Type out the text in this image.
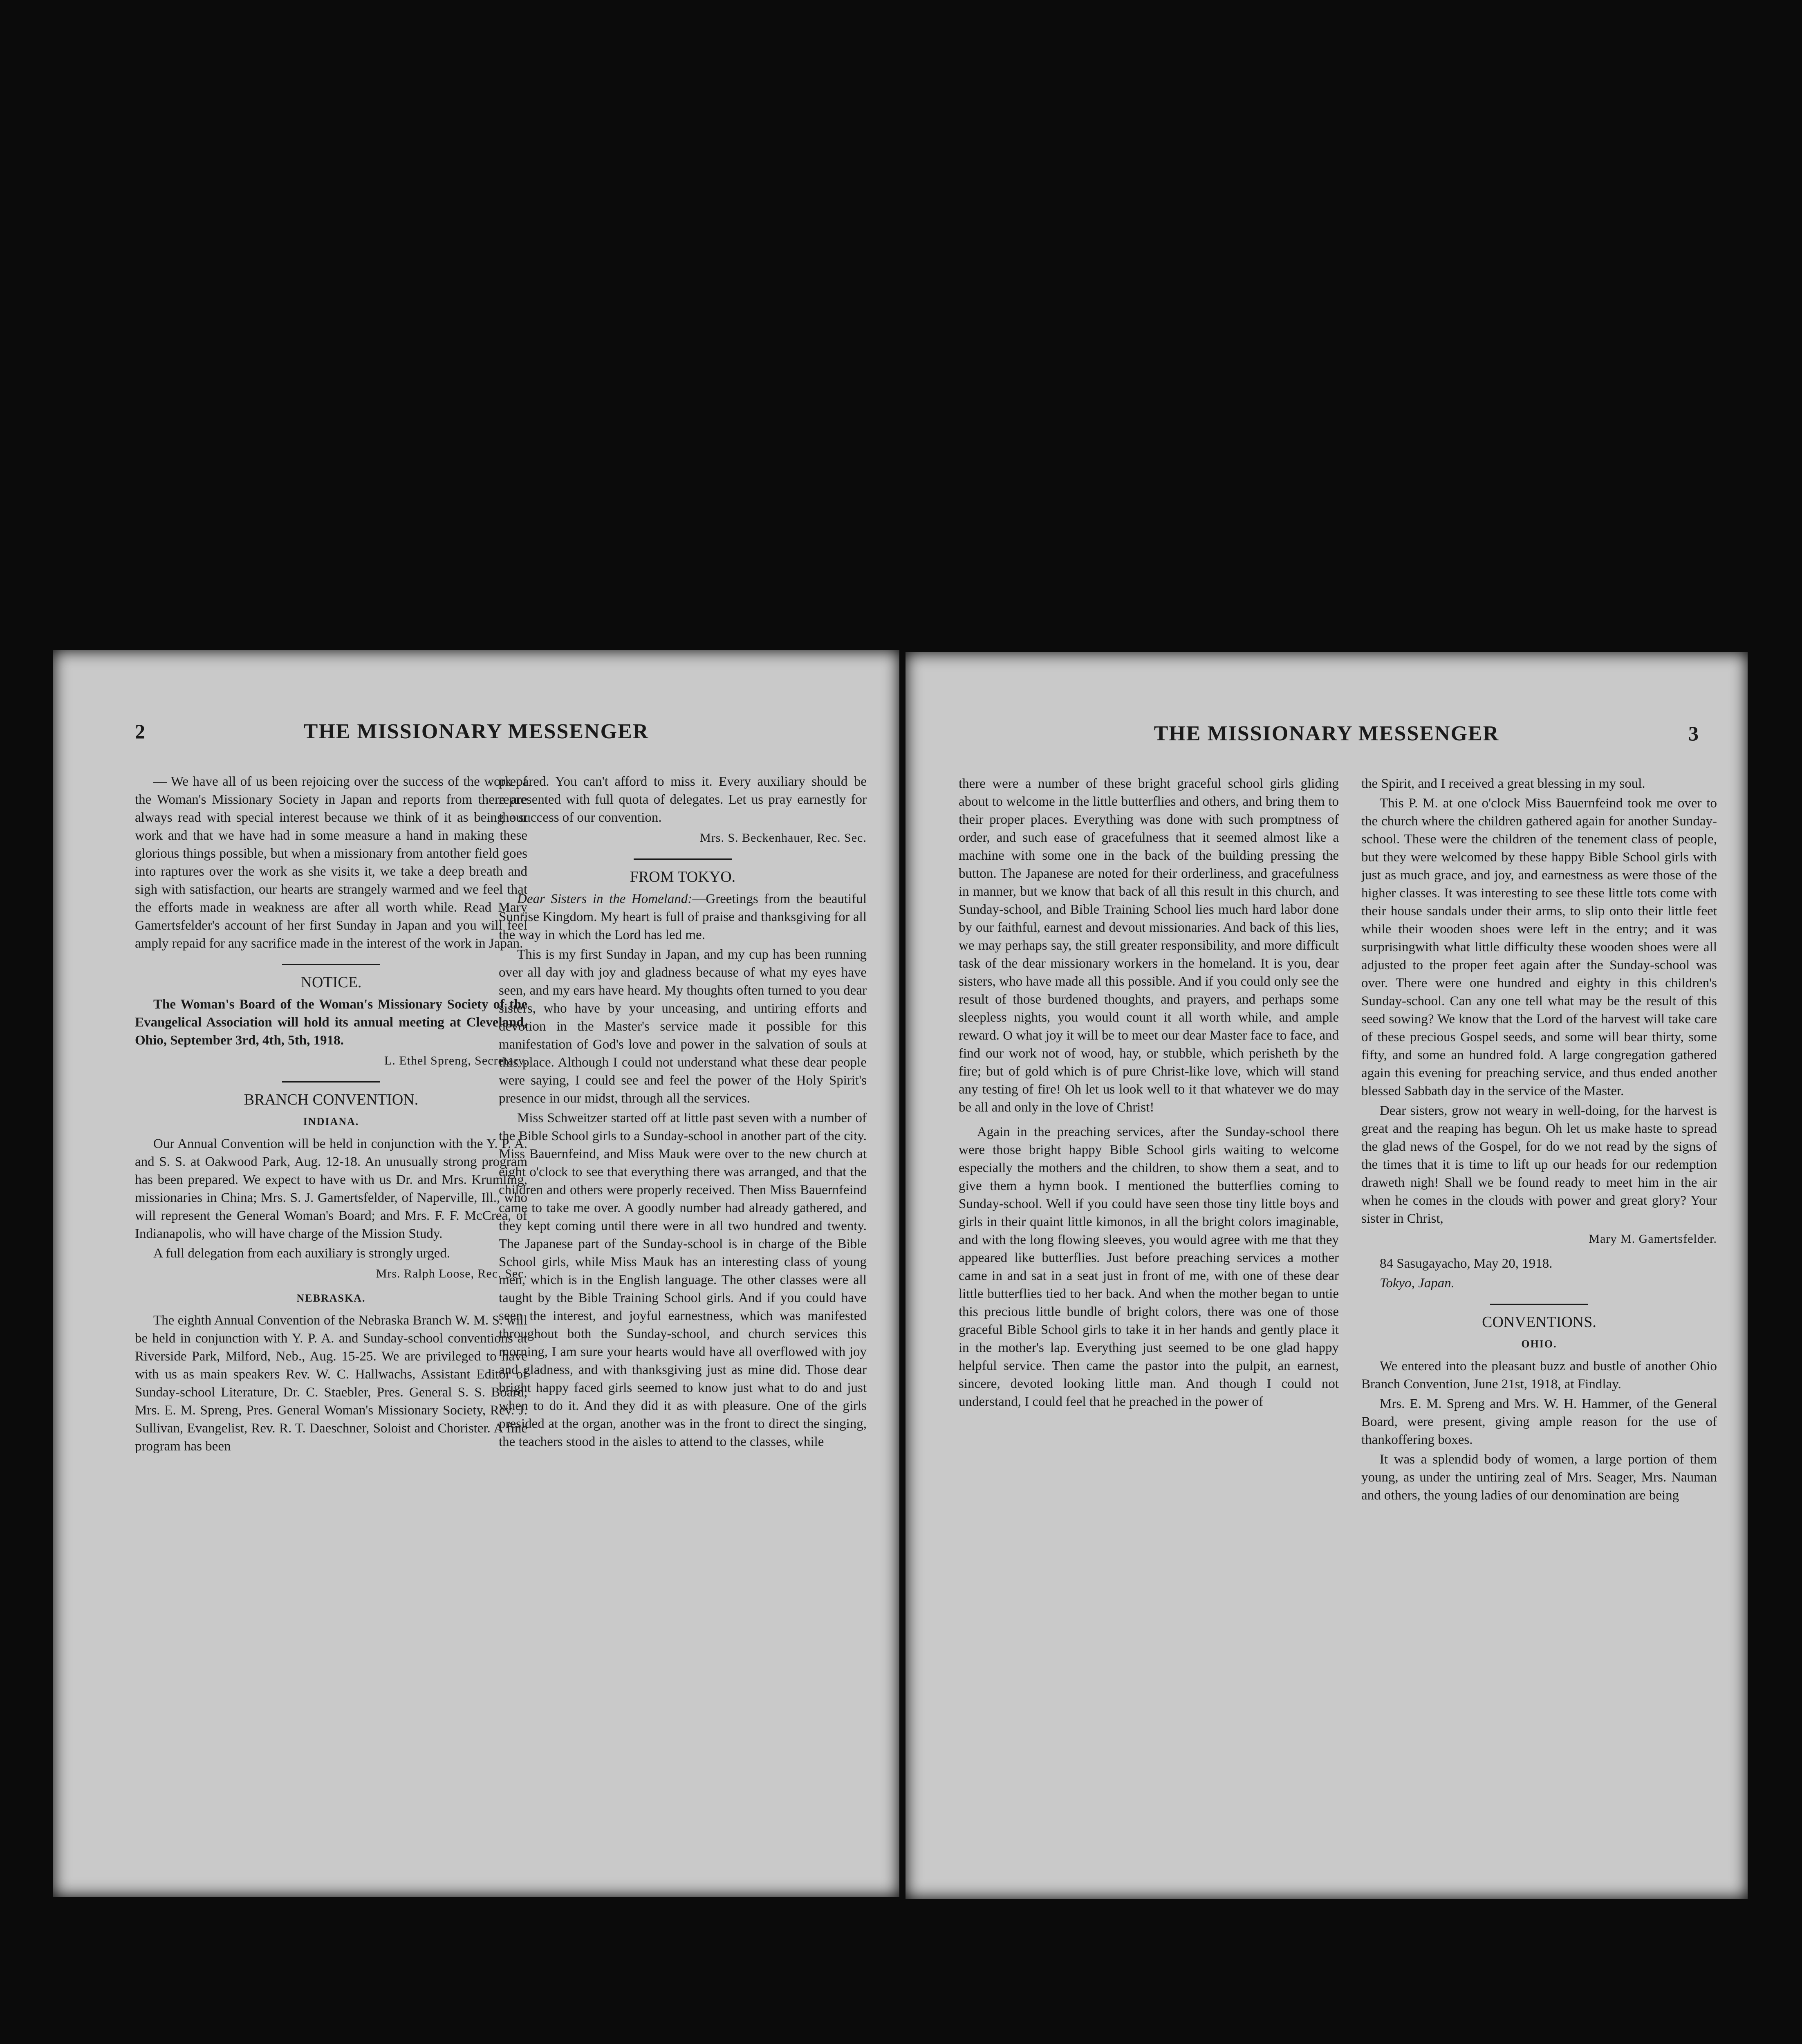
2	THE MISSIONARY MESSENGER

— We have all of us been rejoicing over the success of the work of the Woman's Missionary Society in Japan and reports from there are always read with special interest because we think of it as being our work and that we have had in some measure a hand in making these glorious things possible, but when a missionary from antother field goes into raptures over the work as she visits it, we take a deep breath and sigh with satisfaction, our hearts are strangely warmed and we feel that the efforts made in weakness are after all worth while. Read Mary Gamertsfelder's account of her first Sunday in Japan and you will feel amply repaid for any sacrifice made in the interest of the work in Japan.

NOTICE.

The Woman's Board of the Woman's Missionary Society of the Evangelical Association will hold its annual meeting at Cleveland, Ohio, September 3rd, 4th, 5th, 1918.

L. Ethel Spreng, Secretary.
BRANCH CONVENTION.
INDIANA.

Our Annual Convention will be held in conjunction with the Y. P. A. and S. S. at Oakwood Park, Aug. 12-18. An unusually strong program has been prepared. We expect to have with us Dr. and Mrs. Krumling, missionaries in China; Mrs. S. J. Gamertsfelder, of Naperville, Ill., who will represent the General Woman's Board; and Mrs. F. F. McCrea, of Indianapolis, who will have charge of the Mission Study.

A full delegation from each auxiliary is strongly urged.

Mrs. Ralph Loose, Rec. Sec.
NEBRASKA.

The eighth Annual Convention of the Nebraska Branch W. M. S. will be held in conjunction with Y. P. A. and Sunday-school conventions at Riverside Park, Milford, Neb., Aug. 15-25. We are privileged to have with us as main speakers Rev. W. C. Hallwachs, Assistant Editor of Sunday-school Literature, Dr. C. Staebler, Pres. General S. S. Board, Mrs. E. M. Spreng, Pres. General Woman's Missionary Society, Rev. J. Sullivan, Evangelist, Rev. R. T. Daeschner, Soloist and Chorister. A fine program has been

prepared. You can't afford to miss it. Every auxiliary should be represented with full quota of delegates. Let us pray earnestly for the success of our convention.

Mrs. S. Beckenhauer, Rec. Sec.
FROM TOKYO.

Dear Sisters in the Homeland:—Greetings from the beautiful Sunrise Kingdom. My heart is full of praise and thanksgiving for all the way in which the Lord has led me.

This is my first Sunday in Japan, and my cup has been running over all day with joy and gladness because of what my eyes have seen, and my ears have heard. My thoughts often turned to you dear sisters, who have by your unceasing, and untiring efforts and devotion in the Master's service made it possible for this manifestation of God's love and power in the salvation of souls at this place. Although I could not understand what these dear people were saying, I could see and feel the power of the Holy Spirit's presence in our midst, through all the services.

Miss Schweitzer started off at little past seven with a number of the Bible School girls to a Sunday-school in another part of the city. Miss Bauernfeind, and Miss Mauk were over to the new church at eight o'clock to see that everything there was arranged, and that the children and others were properly received. Then Miss Bauernfeind came to take me over. A goodly number had already gathered, and they kept coming until there were in all two hundred and twenty. The Japanese part of the Sunday-school is in charge of the Bible School girls, while Miss Mauk has an interesting class of young men, which is in the English language. The other classes were all taught by the Bible Training School girls. And if you could have seen the interest, and joyful earnestness, which was manifested throughout both the Sunday-school, and church services this morning, I am sure your hearts would have all overflowed with joy and gladness, and with thanksgiving just as mine did. Those dear bright happy faced girls seemed to know just what to do and just when to do it. And they did it as with pleasure. One of the girls presided at the organ, another was in the front to direct the singing, the teachers stood in the aisles to attend to the classes, while

THE MISSIONARY MESSENGER	3

there were a number of these bright graceful school girls gliding about to welcome in the little butterflies and others, and bring them to their proper places. Everything was done with such promptness of order, and such ease of gracefulness that it seemed almost like a machine with some one in the back of the building pressing the button. The Japanese are noted for their orderliness, and gracefulness in manner, but we know that back of all this result in this church, and Sunday-school, and Bible Training School lies much hard labor done by our faithful, earnest and devout missionaries. And back of this lies, we may perhaps say, the still greater responsibility, and more difficult task of the dear missionary workers in the homeland. It is you, dear sisters, who have made all this possible. And if you could only see the result of those burdened thoughts, and prayers, and perhaps some sleepless nights, you would count it all worth while, and ample reward. O what joy it will be to meet our dear Master face to face, and find our work not of wood, hay, or stubble, which perisheth by the fire; but of gold which is of pure Christ-like love, which will stand any testing of fire! Oh let us look well to it that whatever we do may be all and only in the love of Christ!

Again in the preaching services, after the Sunday-school there were those bright happy Bible School girls waiting to welcome especially the mothers and the children, to show them a seat, and to give them a hymn book. I mentioned the butterflies coming to Sunday-school. Well if you could have seen those tiny little boys and girls in their quaint little kimonos, in all the bright colors imaginable, and with the long flowing sleeves, you would agree with me that they appeared like butterflies. Just before preaching services a mother came in and sat in a seat just in front of me, with one of these dear little butterflies tied to her back. And when the mother began to untie this precious little bundle of bright colors, there was one of those graceful Bible School girls to take it in her hands and gently place it in the mother's lap. Everything just seemed to be one glad happy helpful service. Then came the pastor into the pulpit, an earnest, sincere, devoted looking little man. And though I could not understand, I could feel that he preached in the power of

the Spirit, and I received a great blessing in my soul.

This P. M. at one o'clock Miss Bauernfeind took me over to the church where the children gathered again for another Sunday-school. These were the children of the tenement class of people, but they were welcomed by these happy Bible School girls with just as much grace, and joy, and earnestness as were those of the higher classes. It was interesting to see these little tots come with their house sandals under their arms, to slip onto their little feet while their wooden shoes were left in the entry; and it was surprisingwith what little difficulty these wooden shoes were all adjusted to the proper feet again after the Sunday-school was over. There were one hundred and eighty in this children's Sunday-school. Can any one tell what may be the result of this seed sowing? We know that the Lord of the harvest will take care of these precious Gospel seeds, and some will bear thirty, some fifty, and some an hundred fold. A large congregation gathered again this evening for preaching service, and thus ended another blessed Sabbath day in the service of the Master.

Dear sisters, grow not weary in well-doing, for the harvest is great and the reaping has begun. Oh let us make haste to spread the glad news of the Gospel, for do we not read by the signs of the times that it is time to lift up our heads for our redemption draweth nigh! Shall we be found ready to meet him in the air when he comes in the clouds with power and great glory? Your sister in Christ,

Mary M. Gamertsfelder.

84 Sasugayacho, May 20, 1918.

Tokyo, Japan.

CONVENTIONS.
OHIO.

We entered into the pleasant buzz and bustle of another Ohio Branch Convention, June 21st, 1918, at Findlay.

Mrs. E. M. Spreng and Mrs. W. H. Hammer, of the General Board, were present, giving ample reason for the use of thankoffering boxes.

It was a splendid body of women, a large portion of them young, as under the untiring zeal of Mrs. Seager, Mrs. Nauman and others, the young ladies of our denomination are being
